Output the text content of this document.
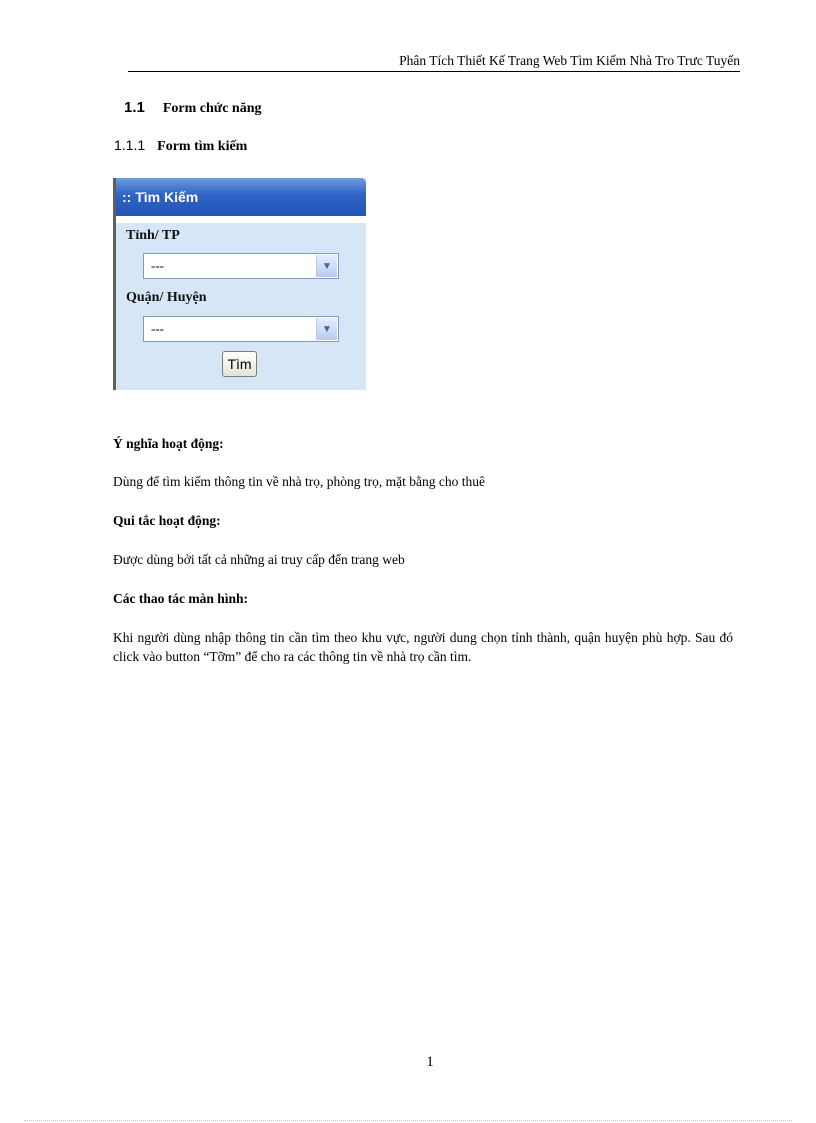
Phân Tích Thiết Kế Trang Web Tìm Kiếm Nhà Tro Trưc Tuyến
1.1 Form chức năng
1.1.1 Form tìm kiếm
:: Tìm Kiếm
Tỉnh/ TP
---	▼
Quận/ Huyện
---	▼
Tìm
Ý nghĩa hoạt động:
Dùng để tìm kiếm thông tin về nhà trọ, phòng trọ, mặt bằng cho thuê
Qui tắc hoạt động:
Được dùng bởi tất cả những ai truy cấp đến trang web
Các thao tác màn hình:
Khi người dùng nhập thông tin cần tìm theo khu vực, người dung chọn tỉnh thành, quận huyện phù hợp. Sau đó click vào button “Tỡm” để cho ra các thông tin về nhà trọ cần tìm.
1
